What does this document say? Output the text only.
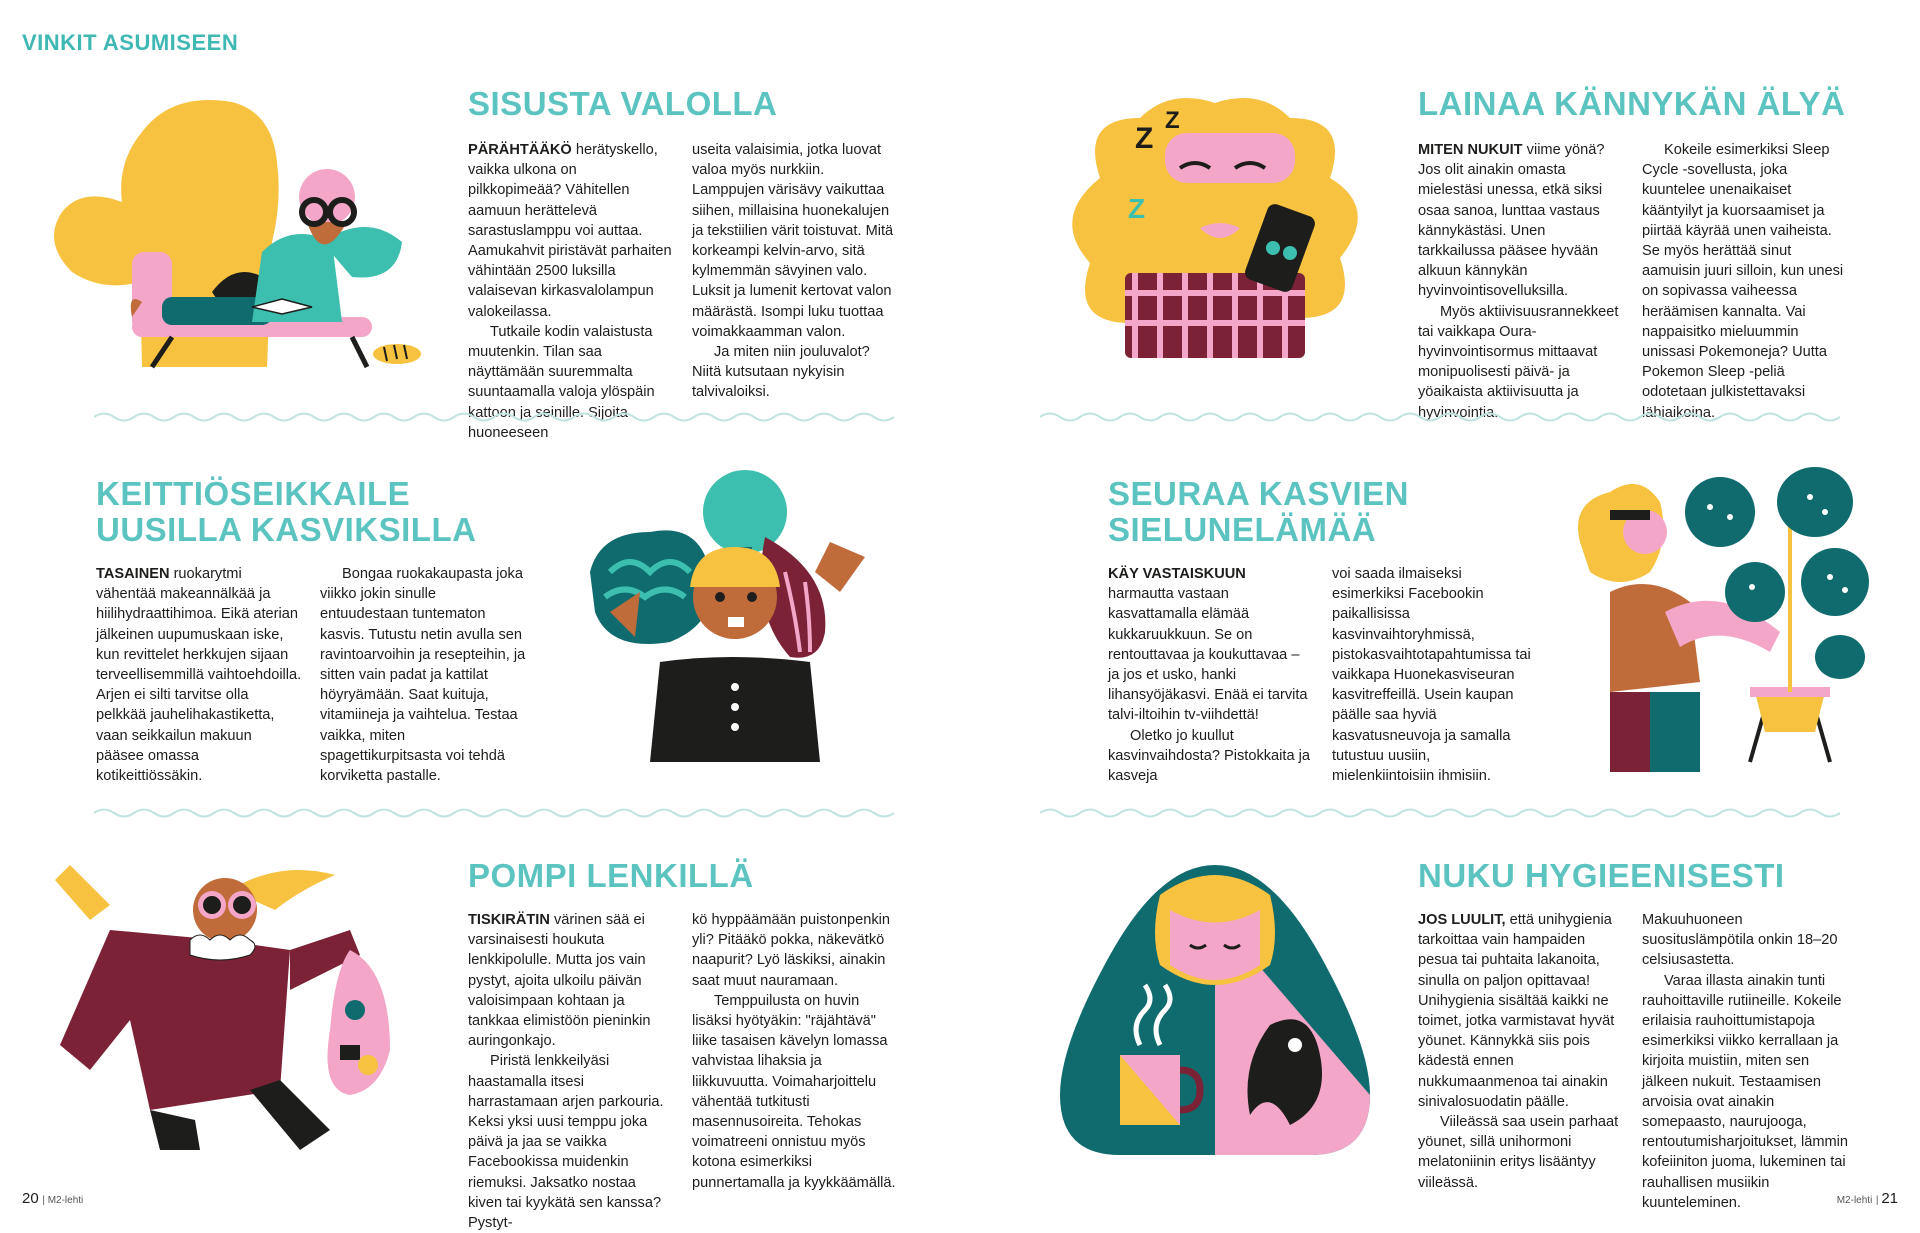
VINKIT ASUMISEEN
SISUSTA VALOLLA

PÄRÄHTÄÄKÖ herätyskello, vaikka ulkona on pilkkopimeää? Vähitellen aamuun herättelevä sarastuslamppu voi auttaa. Aamukahvit piristävät parhaiten vähintään 2500 luksilla valaisevan kirkasvalolampun valokeilassa.

Tutkaile kodin valaistusta muutenkin. Tilan saa näyttämään suuremmalta suuntaamalla valoja ylöspäin kattoon ja seinille. Sijoita huoneeseen

useita valaisimia, jotka luovat valoa myös nurkkiin. Lamppujen värisävy vaikuttaa siihen, millaisina huonekalujen ja tekstiilien värit toistuvat. Mitä korkeampi kelvin-arvo, sitä kylmemmän sävyinen valo. Luksit ja lumenit kertovat valon määrästä. Isompi luku tuottaa voimakkaamman valon.

Ja miten niin jouluvalot? Niitä kutsutaan nykyisin talvivaloiksi.

Z
Z
Z
LAINAA KÄNNYKÄN ÄLYÄ

MITEN NUKUIT viime yönä? Jos olit ainakin omasta mielestäsi unessa, etkä siksi osaa sanoa, lunttaa vastaus kännykästäsi. Unen tarkkailussa pääsee hyvään alkuun kännykän hyvinvointisovelluksilla.

Myös aktiivisuusrannekkeet tai vaikkapa Oura-hyvinvointisormus mittaavat monipuolisesti päivä- ja yöaikaista aktiivisuutta ja hyvinvointia.

Kokeile esimerkiksi Sleep Cycle -sovellusta, joka kuuntelee unenaikaiset kääntyilyt ja kuorsaamiset ja piirtää käyrää unen vaiheista. Se myös herättää sinut aamuisin juuri silloin, kun unesi on sopivassa vaiheessa heräämisen kannalta. Vai nappaisitko mieluummin unissasi Pokemoneja? Uutta Pokemon Sleep -peliä odotetaan julkistettavaksi lähiaikoina.

KEITTIÖSEIKKAILE
UUSILLA KASVIKSILLA

TASAINEN ruokarytmi vähentää makeannälkää ja hiilihydraattihimoa. Eikä aterian jälkeinen uupumuskaan iske, kun revittelet herkkujen sijaan terveellisemmillä vaihtoehdoilla. Arjen ei silti tarvitse olla pelkkää jauhelihakastiketta, vaan seikkailun makuun pääsee omassa kotikeittiössäkin.

Bongaa ruokakaupasta joka viikko jokin sinulle entuudestaan tuntematon kasvis. Tutustu netin avulla sen ravintoarvoihin ja resepteihin, ja sitten vain padat ja kattilat höyryämään. Saat kuituja, vitamiineja ja vaihtelua. Testaa vaikka, miten spagettikurpitsasta voi tehdä korviketta pastalle.

SEURAA KASVIEN
SIELUNELÄMÄÄ

KÄY VASTAISKUUN harmautta vastaan kasvattamalla elämää kukkaruukkuun. Se on rentouttavaa ja koukuttavaa – ja jos et usko, hanki lihansyöjäkasvi. Enää ei tarvita talvi-iltoihin tv-viihdettä!

Oletko jo kuullut kasvinvaihdosta? Pistokkaita ja kasveja

voi saada ilmaiseksi esimerkiksi Facebookin paikallisissa kasvinvaihtoryhmissä, pistokasvaihtotapahtumissa tai vaikkapa Huonekasviseuran kasvitreffeillä. Usein kaupan päälle saa hyviä kasvatusneuvoja ja samalla tutustuu uusiin, mielenkiintoisiin ihmisiin.

POMPI LENKILLÄ

TISKIRÄTIN värinen sää ei varsinaisesti houkuta lenkkipolulle. Mutta jos vain pystyt, ajoita ulkoilu päivän valoisimpaan kohtaan ja tankkaa elimistöön pieninkin auringonkajo.

Piristä lenkkeilyäsi haastamalla itsesi harrastamaan arjen parkouria. Keksi yksi uusi temppu joka päivä ja jaa se vaikka Facebookissa muidenkin riemuksi. Jaksatko nostaa kiven tai kyykätä sen kanssa? Pystyt-

kö hyppäämään puistonpenkin yli? Pitääkö pokka, näkevätkö naapurit? Lyö läskiksi, ainakin saat muut nauramaan.

Temppuilusta on huvin lisäksi hyötyäkin: "räjähtävä" liike tasaisen kävelyn lomassa vahvistaa lihaksia ja liikkuvuutta. Voimaharjoittelu vähentää tutkitusti masennusoireita. Tehokas voimatreeni onnistuu myös kotona esimerkiksi punnertamalla ja kyykkäämällä.

NUKU HYGIEENISESTI

JOS LUULIT, että unihygienia tarkoittaa vain hampaiden pesua tai puhtaita lakanoita, sinulla on paljon opittavaa! Unihygienia sisältää kaikki ne toimet, jotka varmistavat hyvät yöunet. Kännykkä siis pois kädestä ennen nukkumaanmenoa tai ainakin sinivalosuodatin päälle.

Viileässä saa usein parhaat yöunet, sillä unihormoni melatoniinin eritys lisääntyy viileässä.

Makuuhuoneen suosituslämpötila onkin 18–20 celsiusastetta.

Varaa illasta ainakin tunti rauhoittaville rutiineille. Kokeile erilaisia rauhoittumistapoja esimerkiksi viikko kerrallaan ja kirjoita muistiin, miten sen jälkeen nukuit. Testaamisen arvoisia ovat ainakin somepaasto, naurujooga, rentoutumisharjoitukset, lämmin kofeiiniton juoma, lukeminen tai rauhallisen musiikin kuunteleminen.

20 | M2-lehti	M2-lehti | 21
